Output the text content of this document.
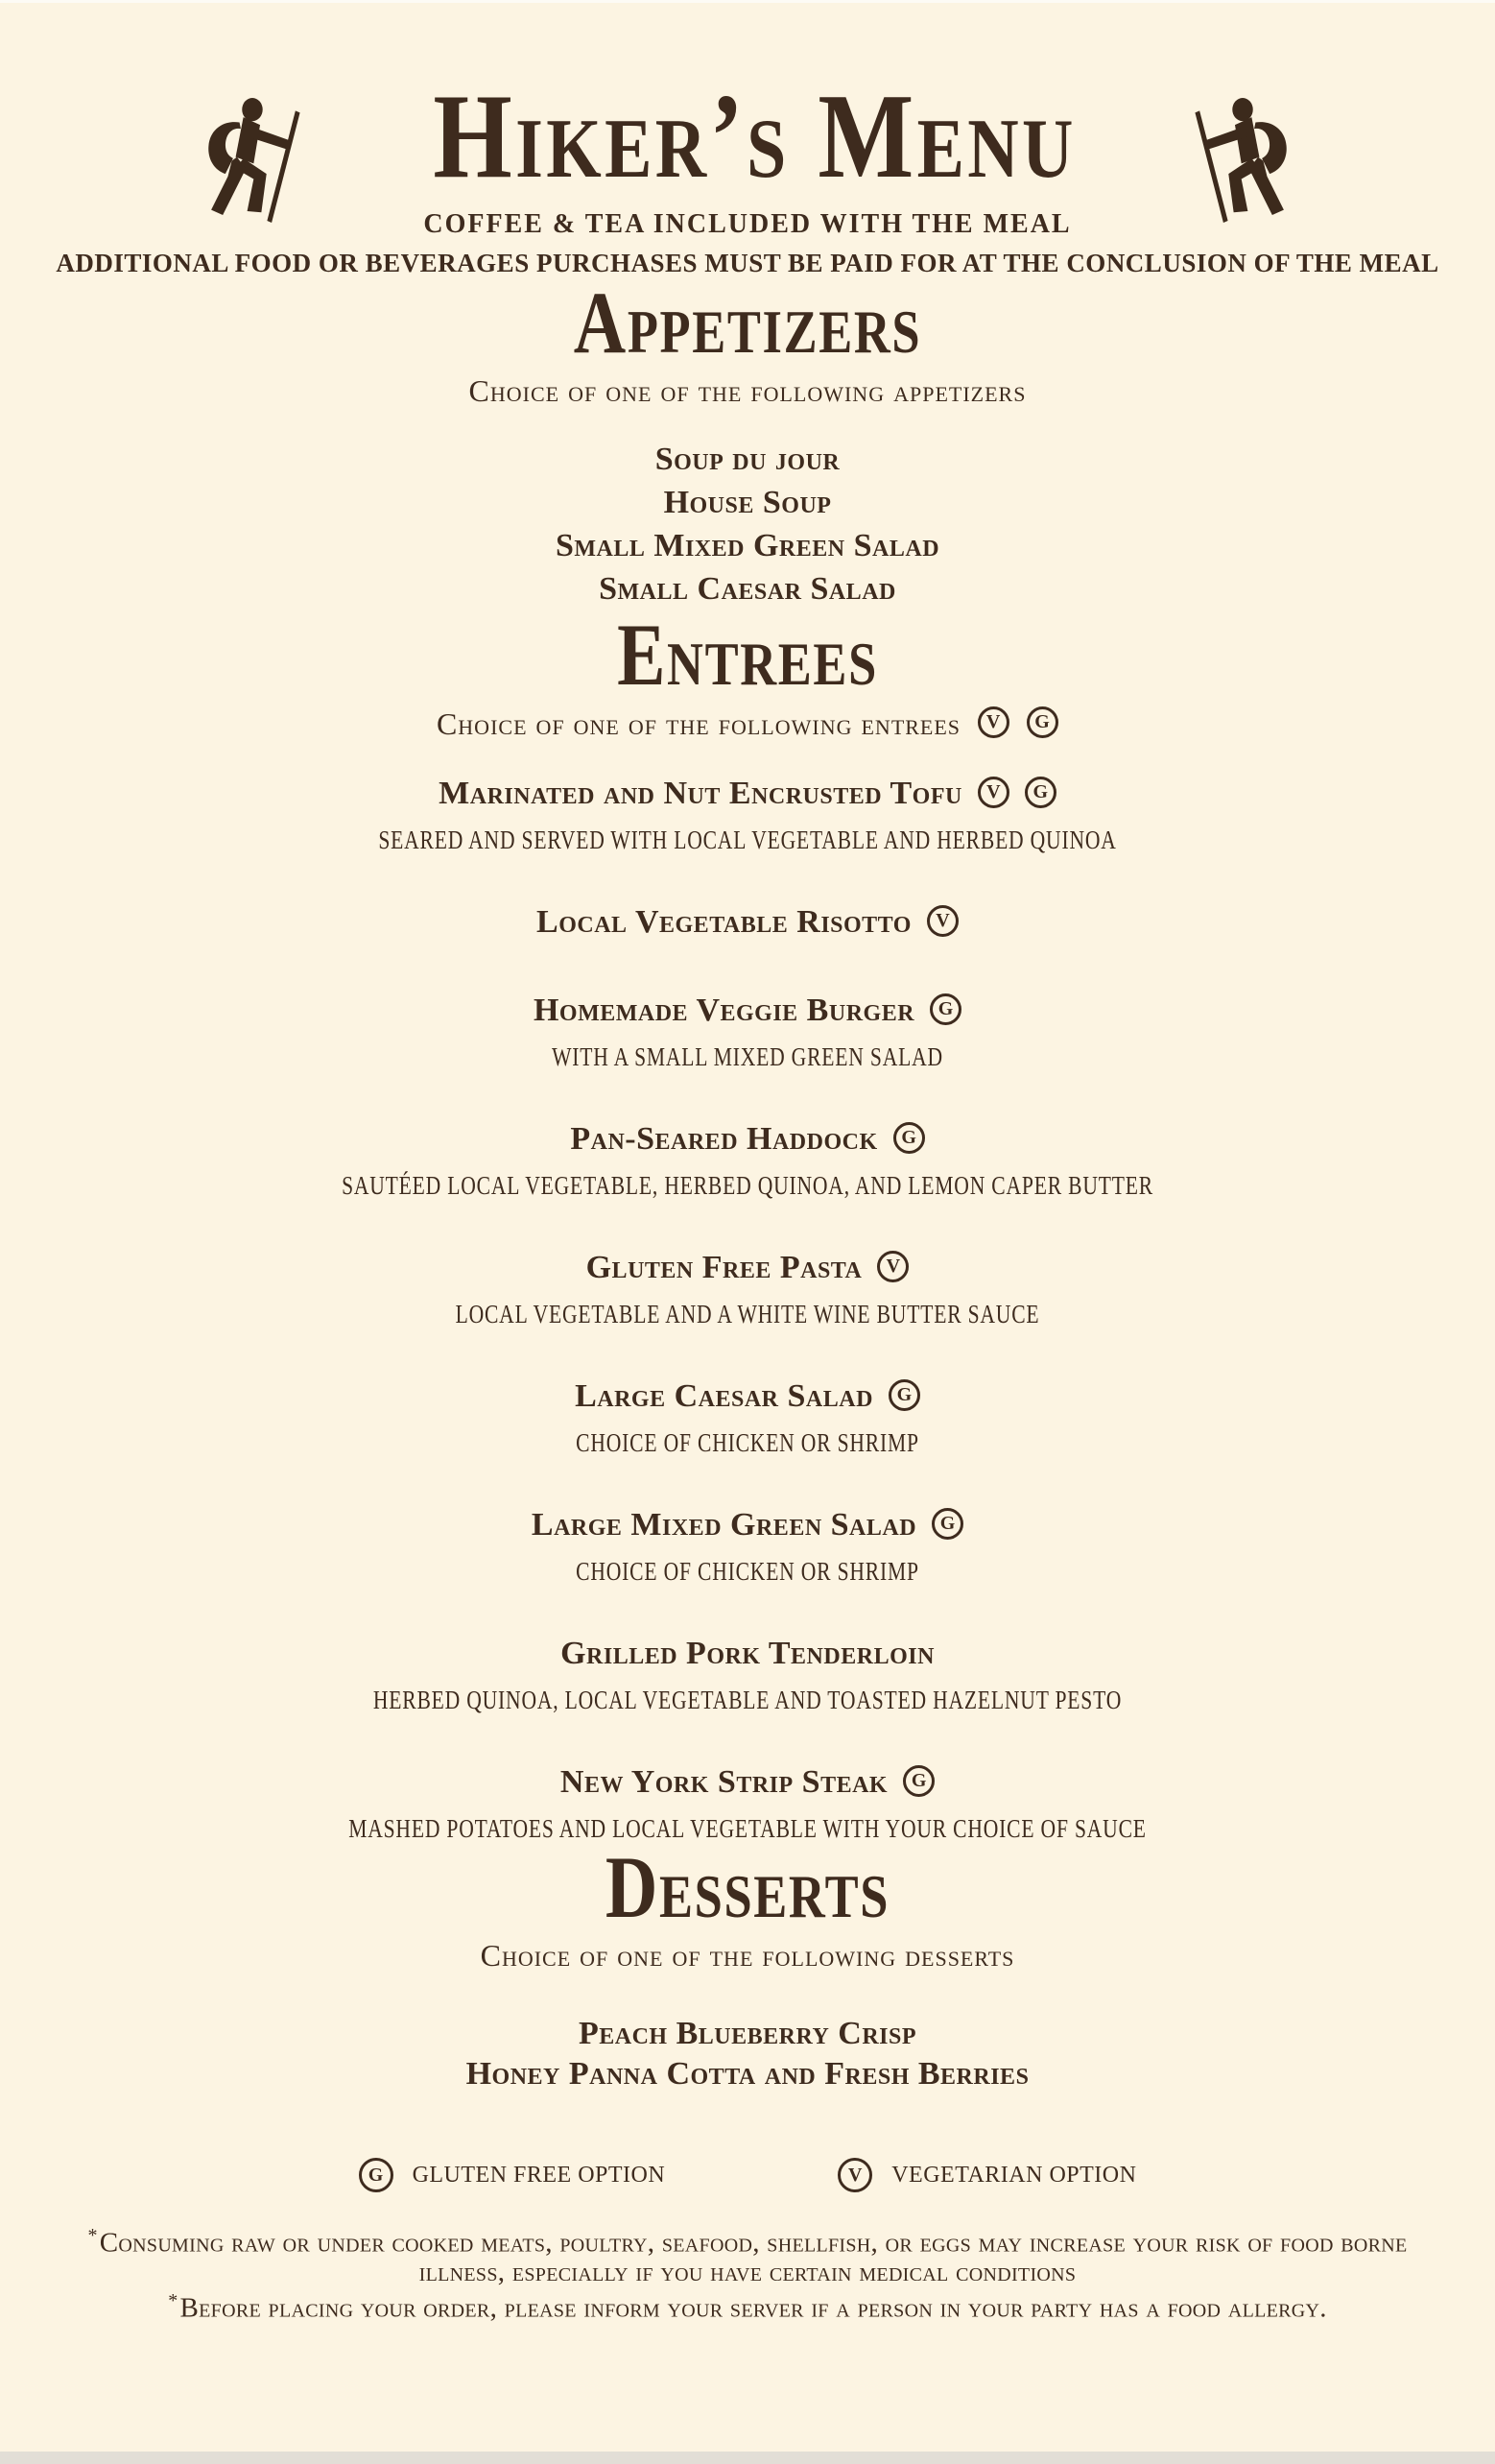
Hiker’s Menu
COFFEE & TEA INCLUDED WITH THE MEAL
ADDITIONAL FOOD OR BEVERAGES PURCHASES MUST BE PAID FOR AT THE CONCLUSION OF THE MEAL
Appetizers
Choice of one of the following appetizers
Soup du jour
House Soup
Small Mixed Green Salad
Small Caesar Salad
Entrees
Choice of one of the following entrees	V	G
Marinated and Nut Encrusted Tofu	V	G
SEARED AND SERVED WITH LOCAL VEGETABLE AND HERBED QUINOA
Local Vegetable Risotto	V
Homemade Veggie Burger	G
WITH A SMALL MIXED GREEN SALAD
Pan-Seared Haddock	G
SAUTÉED LOCAL VEGETABLE, HERBED QUINOA, AND LEMON CAPER BUTTER
Gluten Free Pasta	V
LOCAL VEGETABLE AND A WHITE WINE BUTTER SAUCE
Large Caesar Salad	G
CHOICE OF CHICKEN OR SHRIMP
Large Mixed Green Salad	G
CHOICE OF CHICKEN OR SHRIMP
Grilled Pork Tenderloin
HERBED QUINOA, LOCAL VEGETABLE AND TOASTED HAZELNUT PESTO
New York Strip Steak	G
MASHED POTATOES AND LOCAL VEGETABLE WITH YOUR CHOICE OF SAUCE
Desserts
Choice of one of the following desserts
Peach Blueberry Crisp
Honey Panna Cotta and Fresh Berries
G	GLUTEN FREE OPTION	V	VEGETARIAN OPTION

*Consuming raw or under cooked meats, poultry, seafood, shellfish, or eggs may increase your risk of food borne illness, especially if you have certain medical conditions

*Before placing your order, please inform your server if a person in your party has a food allergy.
